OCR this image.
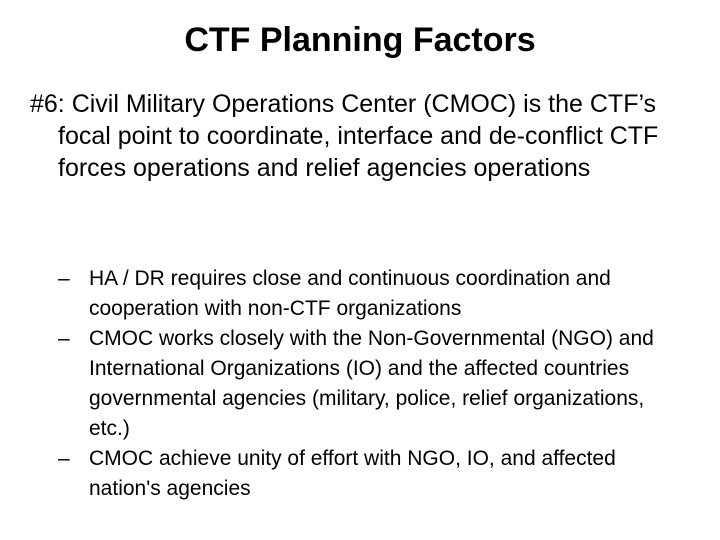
CTF Planning Factors
#6: Civil Military Operations Center (CMOC) is the CTF’s focal point to coordinate, interface and de-conflict CTF forces operations and relief agencies operations
– HA / DR requires close and continuous coordination and cooperation with non-CTF organizations
– CMOC works closely with the Non-Governmental (NGO) and International Organizations (IO) and the affected countries governmental agencies (military, police, relief organizations, etc.)
– CMOC achieve unity of effort with NGO, IO, and affected nation's agencies
